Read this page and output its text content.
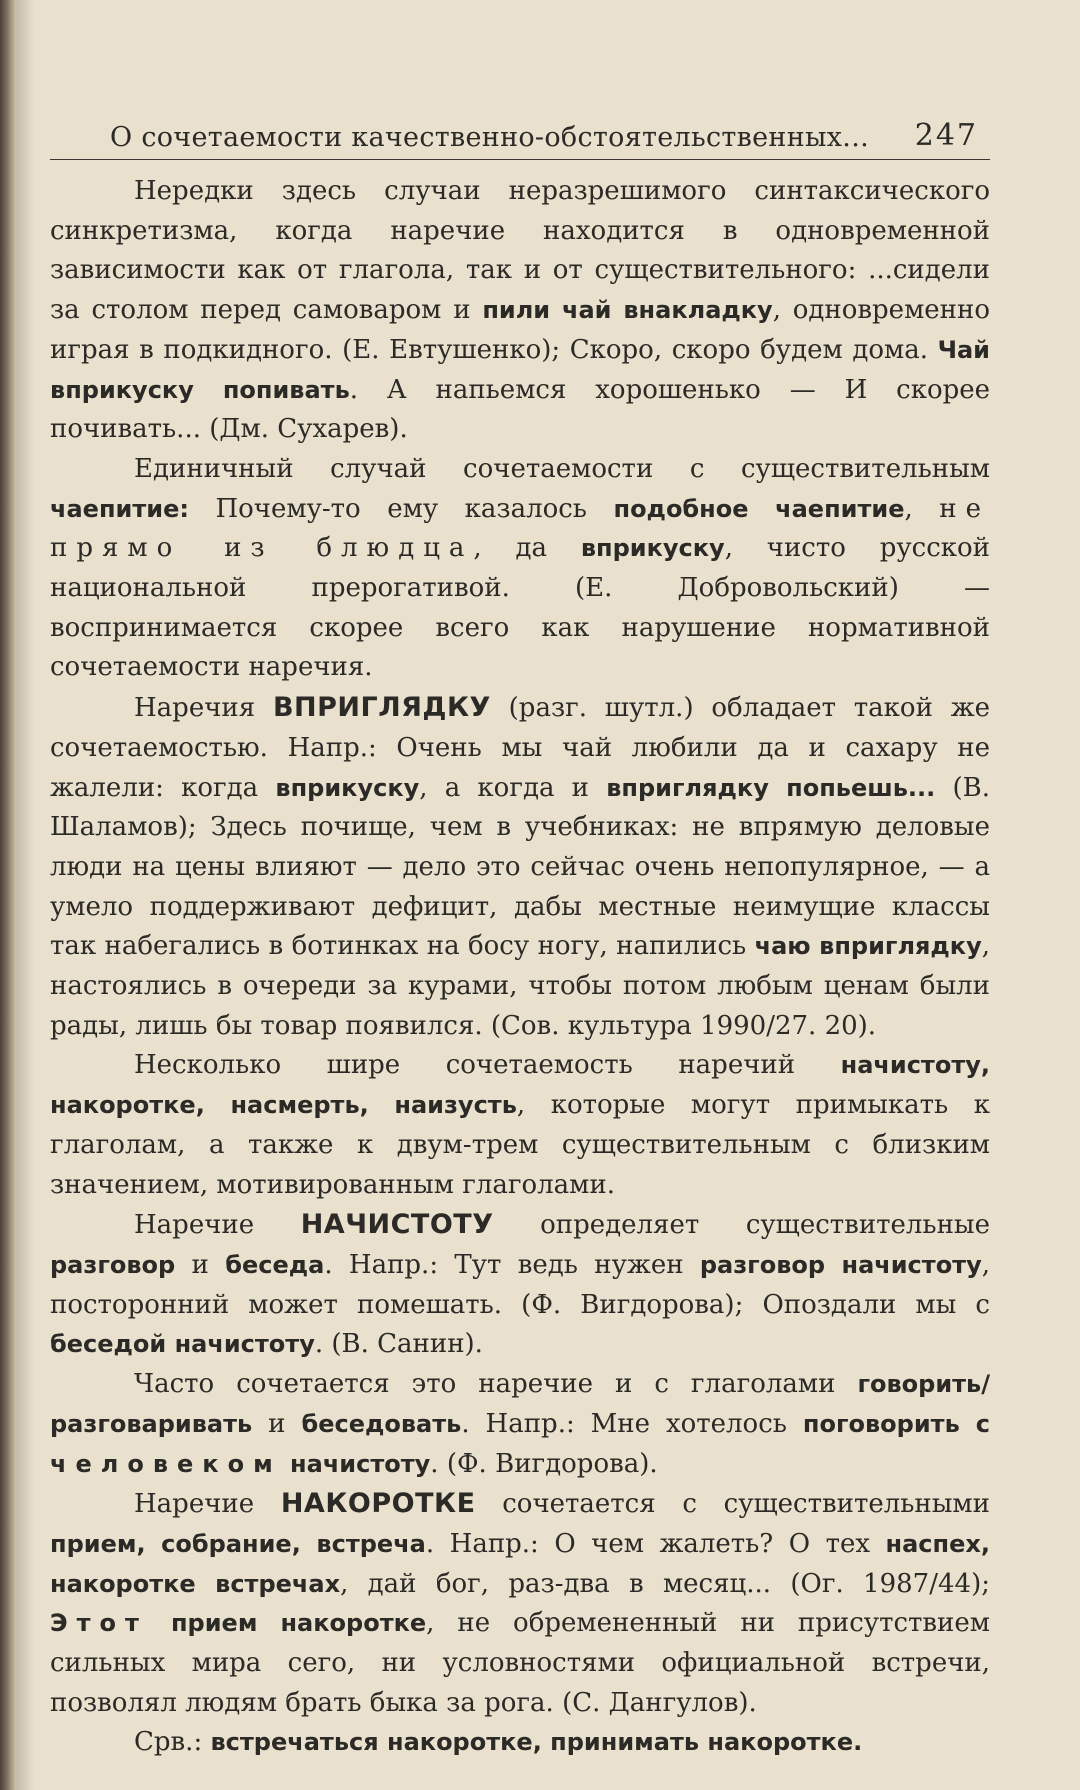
О сочетаемости качественно-обстоятельственных... 247

Нередки здесь случаи неразрешимого синтаксического синкретизма, когда наречие находится в одновременной зависимости как от глагола, так и от существительного: ...сидели за столом перед самоваром и пили чай внакладку, одновременно играя в подкидного. (Е. Евтушенко); Скоро, скоро будем дома. Чай вприкуску попивать. А напьемся хорошенько — И скорее почивать... (Дм. Сухарев).

Единичный случай сочетаемости с существительным чаепитие: Почему-то ему казалось подобное чаепитие, не прямо из блюдца, да вприкуску, чисто русской национальной прерогативой. (Е. Добровольский) — воспринимается скорее всего как нарушение нормативной сочетаемости наречия.

Наречия ВПРИГЛЯДКУ (разг. шутл.) обладает такой же сочетаемостью. Напр.: Очень мы чай любили да и сахару не жалели: когда вприкуску, а когда и вприглядку попьешь... (В. Шаламов); Здесь почище, чем в учебниках: не впрямую деловые люди на цены влияют — дело это сейчас очень непопулярное, — а умело поддерживают дефицит, дабы местные неимущие классы так набегались в ботинках на босу ногу, напились чаю вприглядку, настоялись в очереди за курами, чтобы потом любым ценам были рады, лишь бы товар появился. (Сов. культура 1990/27. 20).

Несколько шире сочетаемость наречий начистоту, накоротке, насмерть, наизусть, которые могут примыкать к глаголам, а также к двум-трем существительным с близким значением, мотивированным глаголами.

Наречие НАЧИСТОТУ определяет существительные разговор и беседа. Напр.: Тут ведь нужен разговор начистоту, посторонний может помешать. (Ф. Вигдорова); Опоздали мы с беседой начистоту. (В. Санин).

Часто сочетается это наречие и с глаголами говорить/разговаривать и беседовать. Напр.: Мне хотелось поговорить с человеком начистоту. (Ф. Вигдорова).

Наречие НАКОРОТКЕ сочетается с существительными прием, собрание, встреча. Напр.: О чем жалеть? О тех наспех, накоротке встречах, дай бог, раз-два в месяц... (Ог. 1987/44); Этот прием накоротке, не обремененный ни присутствием сильных мира сего, ни условностями официальной встречи, позволял людям брать быка за рога. (С. Дангулов).

Срв.: встречаться накоротке, принимать накоротке.
